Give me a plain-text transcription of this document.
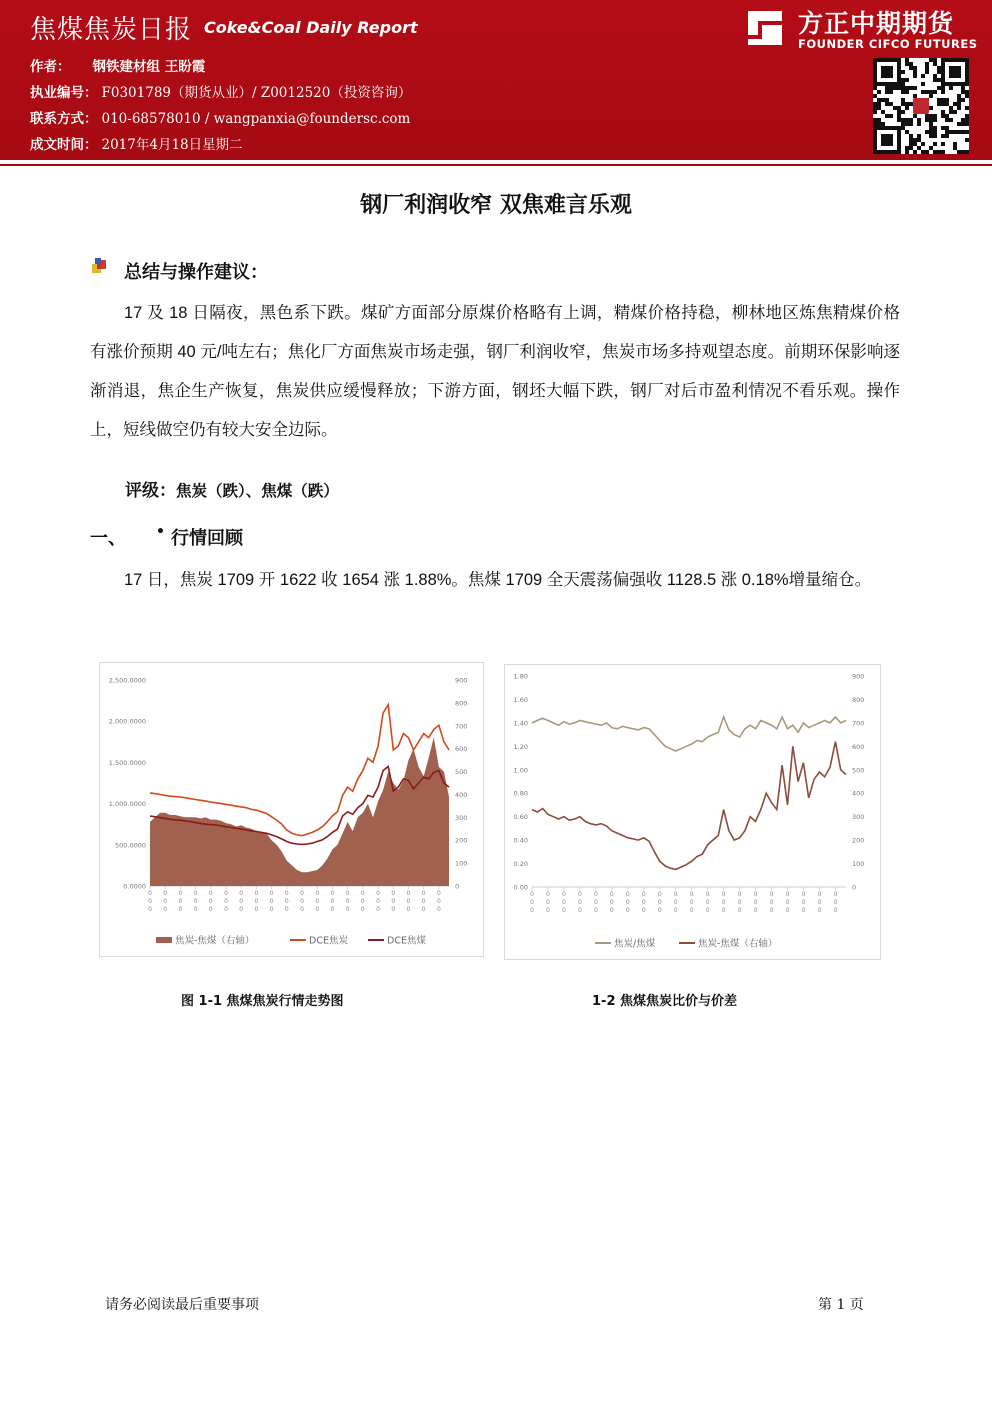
焦煤焦炭日报 Coke&Coal Daily Report
作者： 钢铁建材组 王盼霞
执业编号： F0301789（期货从业）/ Z0012520（投资咨询）
联系方式： 010-68578010 / wangpanxia@foundersc.com
成文时间： 2017年4月18日星期二
方正中期期货
FOUNDER CIFCO FUTURES
钢厂利润收窄 双焦难言乐观
总结与操作建议：
17 及 18 日隔夜，黑色系下跌。煤矿方面部分原煤价格略有上调，精煤价格持稳，柳林地区炼焦精煤价格有涨价预期 40 元/吨左右；焦化厂方面焦炭市场走强，钢厂利润收窄，焦炭市场多持观望态度。前期环保影响逐渐消退，焦企生产恢复，焦炭供应缓慢释放；下游方面，钢坯大幅下跌，钢厂对后市盈利情况不看乐观。操作上，短线做空仍有较大安全边际。
评级：焦炭（跌）、焦煤（跌）
一、 • 行情回顾
17 日，焦炭 1709 开 1622 收 1654 涨 1.88%。焦煤 1709 全天震荡偏强收 1128.5 涨 0.18%增量缩仓。
0.0000
500.0000
1,000.0000
1,500.0000
2,000.0000
2,500.0000
0
100
200
300
400
500
600
700
800
900
0
0
0
0
0
0
0
0
0
0
0
0
0
0
0
0
0
0
0
0
0
0
0
0
0
0
0
0
0
0
0
0
0
0
0
0
0
0
0
0
0
0
0
0
0
0
0
0
0
0
0
0
0
0
0
0
0
0
0
0
焦炭-焦煤（右轴）	DCE焦炭	DCE焦煤
0.00
0.20
0.40
0.60
0.80
1.00
1.20
1.40
1.60
1.80
0
100
200
300
400
500
600
700
800
900
0
0
0
0
0
0
0
0
0
0
0
0
0
0
0
0
0
0
0
0
0
0
0
0
0
0
0
0
0
0
0
0
0
0
0
0
0
0
0
0
0
0
0
0
0
0
0
0
0
0
0
0
0
0
0
0
0
0
0
0
焦炭/焦煤	焦炭-焦煤（右轴）
图 1-1 焦煤焦炭行情走势图	1-2 焦煤焦炭比价与价差
请务必阅读最后重要事项	第 1 页
